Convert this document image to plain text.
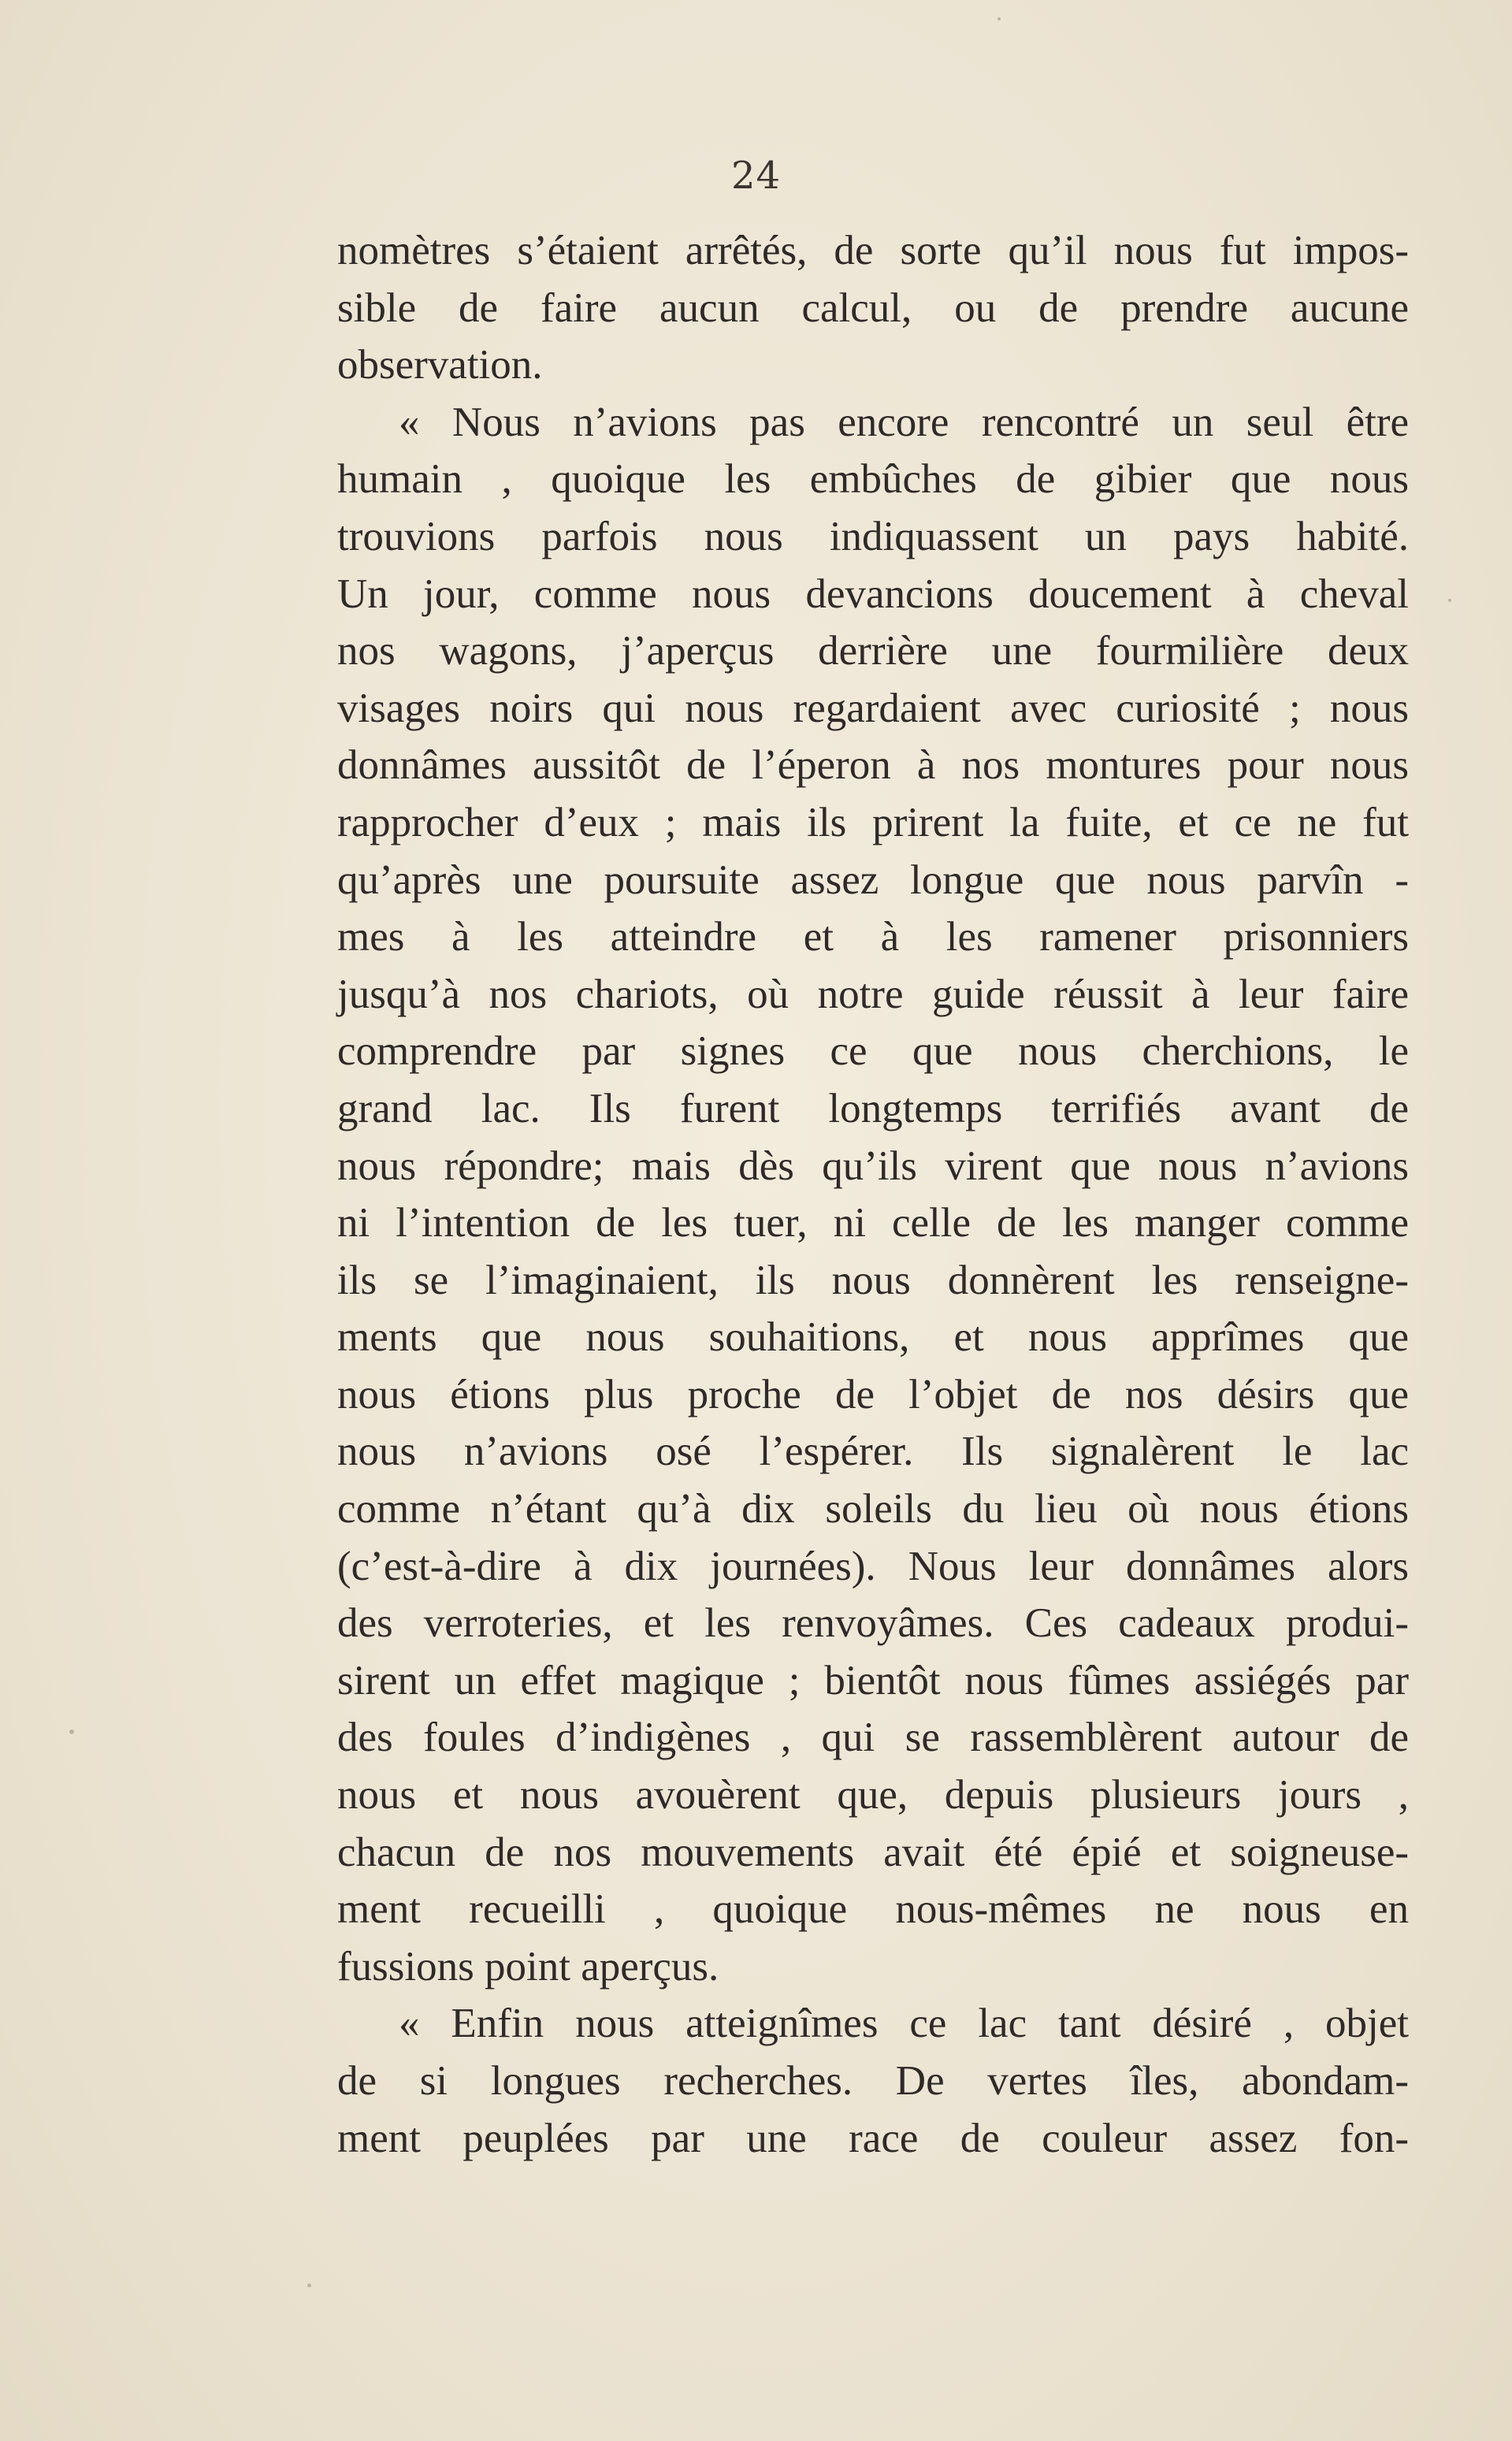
24
nomètres s’étaient arrêtés, de sorte qu’il nous fut impos-
sible de faire aucun calcul, ou de prendre aucune
observation.
« Nous n’avions pas encore rencontré un seul être
humain , quoique les embûches de gibier que nous
trouvions parfois nous indiquassent un pays habité.
Un jour, comme nous devancions doucement à cheval
nos wagons, j’aperçus derrière une fourmilière deux
visages noirs qui nous regardaient avec curiosité ; nous
donnâmes aussitôt de l’éperon à nos montures pour nous
rapprocher d’eux ; mais ils prirent la fuite, et ce ne fut
qu’après une poursuite assez longue que nous parvîn -
mes à les atteindre et à les ramener prisonniers
jusqu’à nos chariots, où notre guide réussit à leur faire
comprendre par signes ce que nous cherchions, le
grand lac. Ils furent longtemps terrifiés avant de
nous répondre; mais dès qu’ils virent que nous n’avions
ni l’intention de les tuer, ni celle de les manger comme
ils se l’imaginaient, ils nous donnèrent les renseigne-
ments que nous souhaitions, et nous apprîmes que
nous étions plus proche de l’objet de nos désirs que
nous n’avions osé l’espérer. Ils signalèrent le lac
comme n’étant qu’à dix soleils du lieu où nous étions
(c’est-à-dire à dix journées). Nous leur donnâmes alors
des verroteries, et les renvoyâmes. Ces cadeaux produi-
sirent un effet magique ; bientôt nous fûmes assiégés par
des foules d’indigènes , qui se rassemblèrent autour de
nous et nous avouèrent que, depuis plusieurs jours ,
chacun de nos mouvements avait été épié et soigneuse-
ment recueilli , quoique nous-mêmes ne nous en
fussions point aperçus.
« Enfin nous atteignîmes ce lac tant désiré , objet
de si longues recherches. De vertes îles, abondam-
ment peuplées par une race de couleur assez fon-
